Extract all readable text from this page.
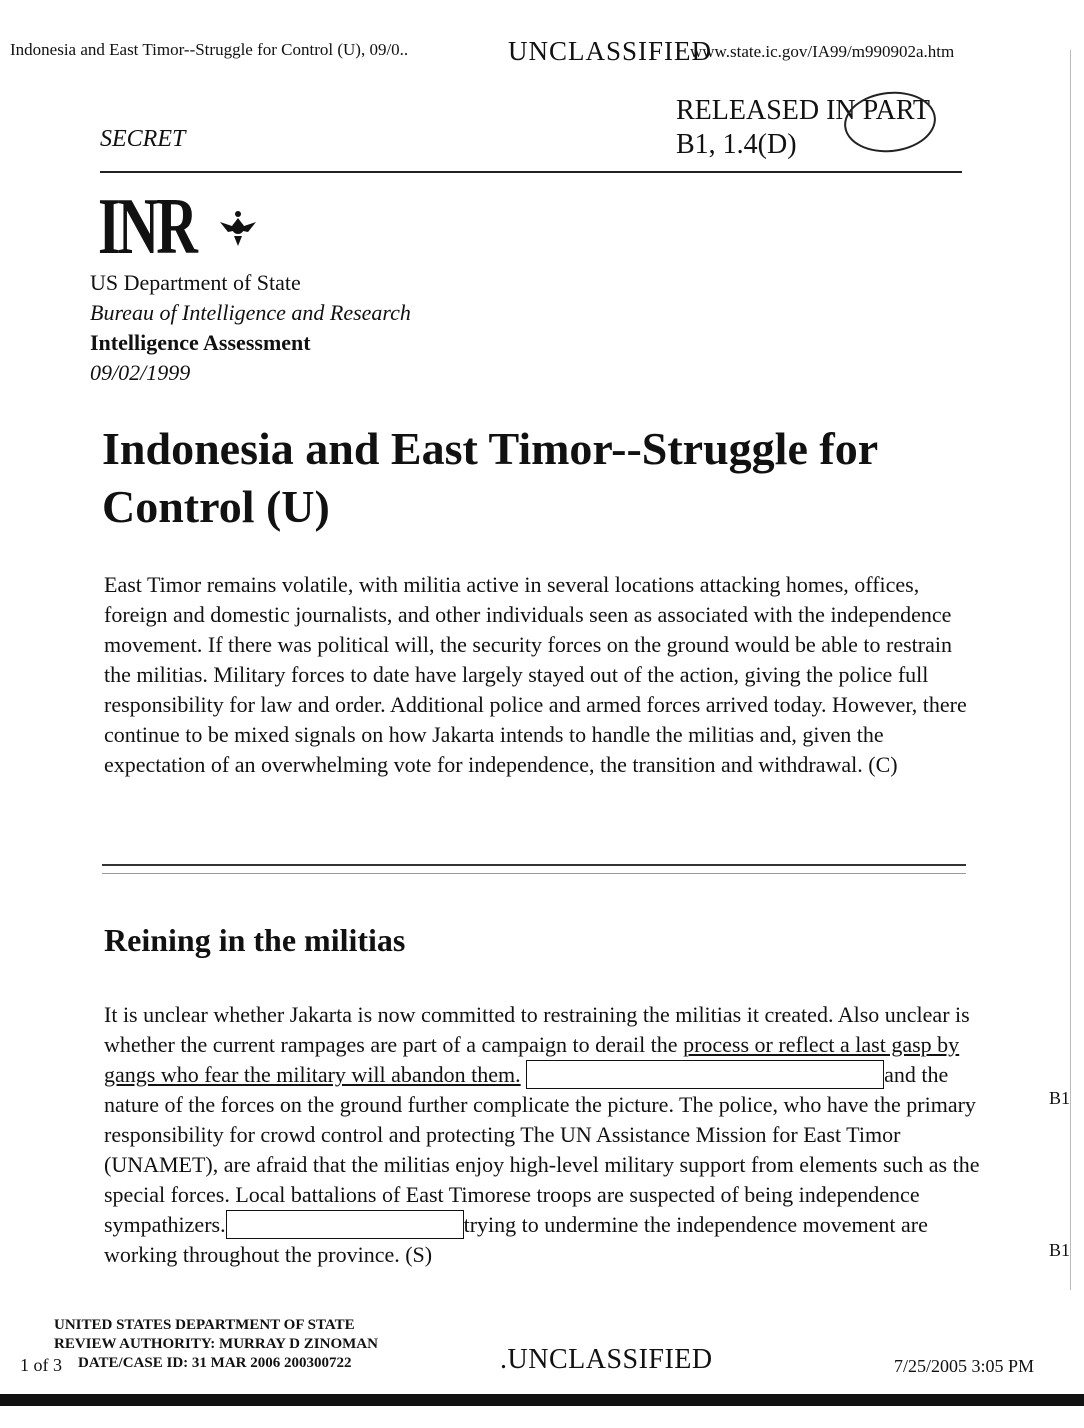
Indonesia and East Timor--Struggle for Control (U), 09/0..	UNCLASSIFIED
www.state.ic.gov/IA99/m990902a.htm
RELEASED IN PART
B1, 1.4(D)
SECRET
INR
US Department of State
Bureau of Intelligence and Research
Intelligence Assessment
09/02/1999
Indonesia and East Timor--Struggle for Control (U)
East Timor remains volatile, with militia active in several locations attacking homes, offices, foreign and domestic journalists, and other individuals seen as associated with the independence movement. If there was political will, the security forces on the ground would be able to restrain the militias. Military forces to date have largely stayed out of the action, giving the police full responsibility for law and order. Additional police and armed forces arrived today. However, there continue to be mixed signals on how Jakarta intends to handle the militias and, given the expectation of an overwhelming vote for independence, the transition and withdrawal. (C)
Reining in the militias
It is unclear whether Jakarta is now committed to restraining the militias it created. Also unclear is whether the current rampages are part of a campaign to derail the process or reflect a last gasp by gangs who fear the military will abandon them.	and the nature of the forces on the ground further complicate the picture. The police, who have the primary responsibility for crowd control and protecting The UN Assistance Mission for East Timor (UNAMET), are afraid that the militias enjoy high-level military support from elements such as the special forces. Local battalions of East Timorese troops are suspected of being independence sympathizers.	trying to undermine the independence movement are working throughout the province. (S)
B1
B1
UNITED STATES DEPARTMENT OF STATE
REVIEW AUTHORITY: MURRAY D ZINOMAN
DATE/CASE ID: 31 MAR 2006 200300722
1 of 3	.UNCLASSIFIED	7/25/2005 3:05 PM
